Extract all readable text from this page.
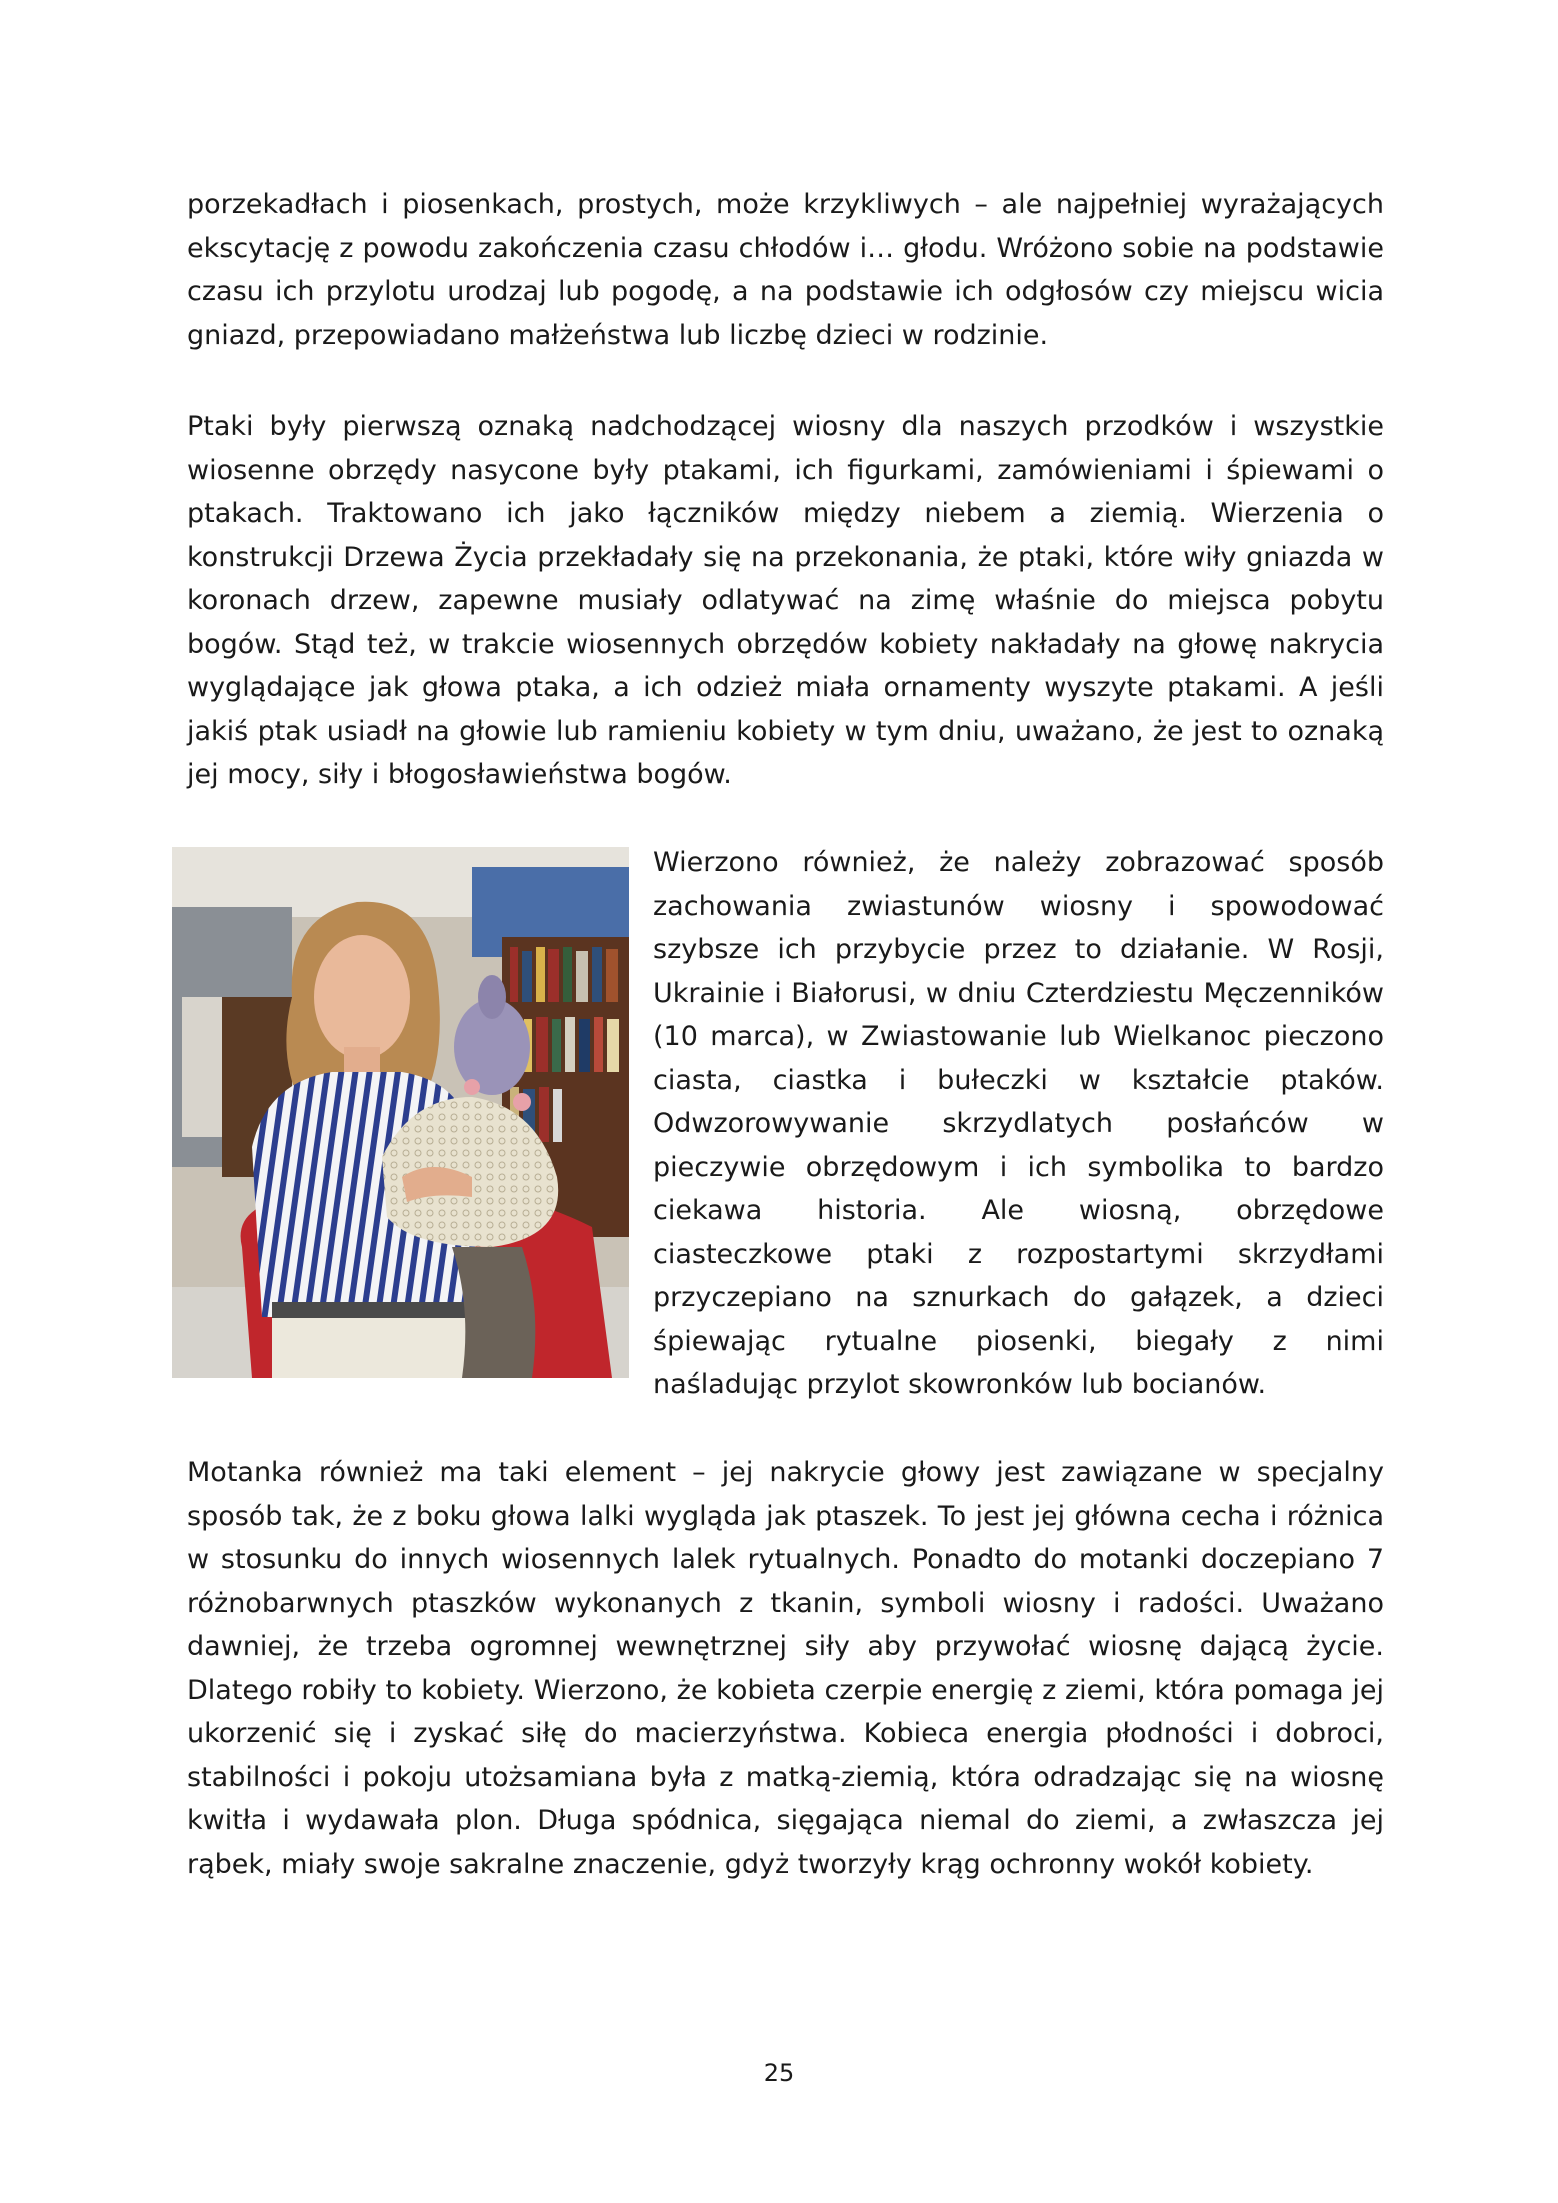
porzekadłach i piosenkach, prostych, może krzykliwych – ale najpełniej wyrażających ekscytację z powodu zakończenia czasu chłodów i… głodu. Wróżono sobie na podstawie czasu ich przylotu urodzaj lub pogodę, a na podstawie ich odgłosów czy miejscu wicia gniazd, przepowiadano małżeństwa lub liczbę dzieci w rodzinie.

Ptaki były pierwszą oznaką nadchodzącej wiosny dla naszych przodków i wszystkie wiosenne obrzędy nasycone były ptakami, ich figurkami, zamówieniami i śpiewami o ptakach. Traktowano ich jako łączników między niebem a ziemią. Wierzenia o konstrukcji Drzewa Życia przekładały się na przekonania, że ptaki, które wiły gniazda w koronach drzew, zapewne musiały odlatywać na zimę właśnie do miejsca pobytu bogów. Stąd też, w trakcie wiosennych obrzędów kobiety nakładały na głowę nakrycia wyglądające jak głowa ptaka, a ich odzież miała ornamenty wyszyte ptakami. A jeśli jakiś ptak usiadł na głowie lub ramieniu kobiety w tym dniu, uważano, że jest to oznaką jej mocy, siły i błogosławieństwa bogów.

Wierzono również, że należy zobrazować sposób zachowania zwiastunów wiosny i spowodować szybsze ich przybycie przez to działanie. W Rosji, Ukrainie i Białorusi, w dniu Czterdziestu Męczenników (10 marca), w Zwiastowanie lub Wielkanoc pieczono ciasta, ciastka i bułeczki w kształcie ptaków. Odwzorowywanie skrzydlatych posłańców w pieczywie obrzędowym i ich symbolika to bardzo ciekawa historia. Ale wiosną, obrzędowe ciasteczkowe ptaki z rozpostartymi skrzydłami przyczepiano na sznurkach do gałązek, a dzieci śpiewając rytualne piosenki, biegały z nimi naśladując przylot skowronków lub bocianów.

Motanka również ma taki element – jej nakrycie głowy jest zawiązane w specjalny sposób tak, że z boku głowa lalki wygląda jak ptaszek. To jest jej główna cecha i różnica w stosunku do innych wiosennych lalek rytualnych. Ponadto do motanki doczepiano 7 różnobarwnych ptaszków wykonanych z tkanin, symboli wiosny i radości. Uważano dawniej, że trzeba ogromnej wewnętrznej siły aby przywołać wiosnę dającą życie. Dlatego robiły to kobiety. Wierzono, że kobieta czerpie energię z ziemi, która pomaga jej ukorzenić się i zyskać siłę do macierzyństwa. Kobieca energia płodności i dobroci, stabilności i pokoju utożsamiana była z matką-ziemią, która odradzając się na wiosnę kwitła i wydawała plon. Długa spódnica, sięgająca niemal do ziemi, a zwłaszcza jej rąbek, miały swoje sakralne znaczenie, gdyż tworzyły krąg ochronny wokół kobiety.

25
